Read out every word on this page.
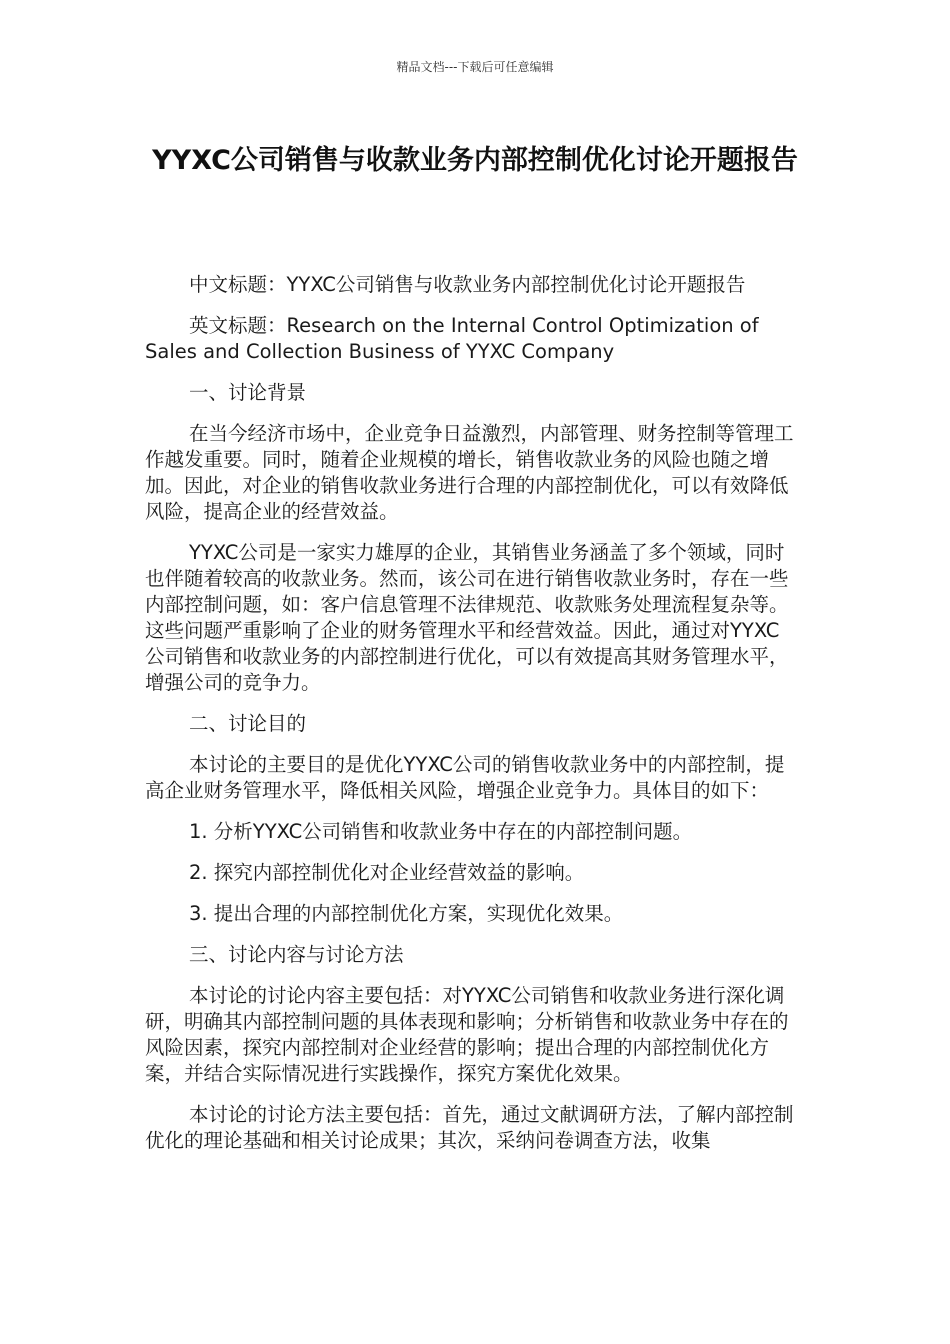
精品文档---下载后可任意编辑
YYXC公司销售与收款业务内部控制优化讨论开题报告

中文标题：YYXC公司销售与收款业务内部控制优化讨论开题报告

英文标题：Research on the Internal Control Optimization of Sales and Collection Business of YYXC Company

一、讨论背景

在当今经济市场中，企业竞争日益激烈，内部管理、财务控制等管理工作越发重要。同时，随着企业规模的增长，销售收款业务的风险也随之增加。因此，对企业的销售收款业务进行合理的内部控制优化，可以有效降低风险，提高企业的经营效益。

YYXC公司是一家实力雄厚的企业，其销售业务涵盖了多个领域，同时也伴随着较高的收款业务。然而，该公司在进行销售收款业务时，存在一些内部控制问题，如：客户信息管理不法律规范、收款账务处理流程复杂等。这些问题严重影响了企业的财务管理水平和经营效益。因此，通过对YYXC公司销售和收款业务的内部控制进行优化，可以有效提高其财务管理水平，增强公司的竞争力。

二、讨论目的

本讨论的主要目的是优化YYXC公司的销售收款业务中的内部控制，提高企业财务管理水平，降低相关风险，增强企业竞争力。具体目的如下：

1. 分析YYXC公司销售和收款业务中存在的内部控制问题。

2. 探究内部控制优化对企业经营效益的影响。

3. 提出合理的内部控制优化方案，实现优化效果。

三、讨论内容与讨论方法

本讨论的讨论内容主要包括：对YYXC公司销售和收款业务进行深化调研，明确其内部控制问题的具体表现和影响；分析销售和收款业务中存在的风险因素，探究内部控制对企业经营的影响；提出合理的内部控制优化方案，并结合实际情况进行实践操作，探究方案优化效果。

本讨论的讨论方法主要包括：首先，通过文献调研方法，了解内部控制优化的理论基础和相关讨论成果；其次，采纳问卷调查方法，收集
